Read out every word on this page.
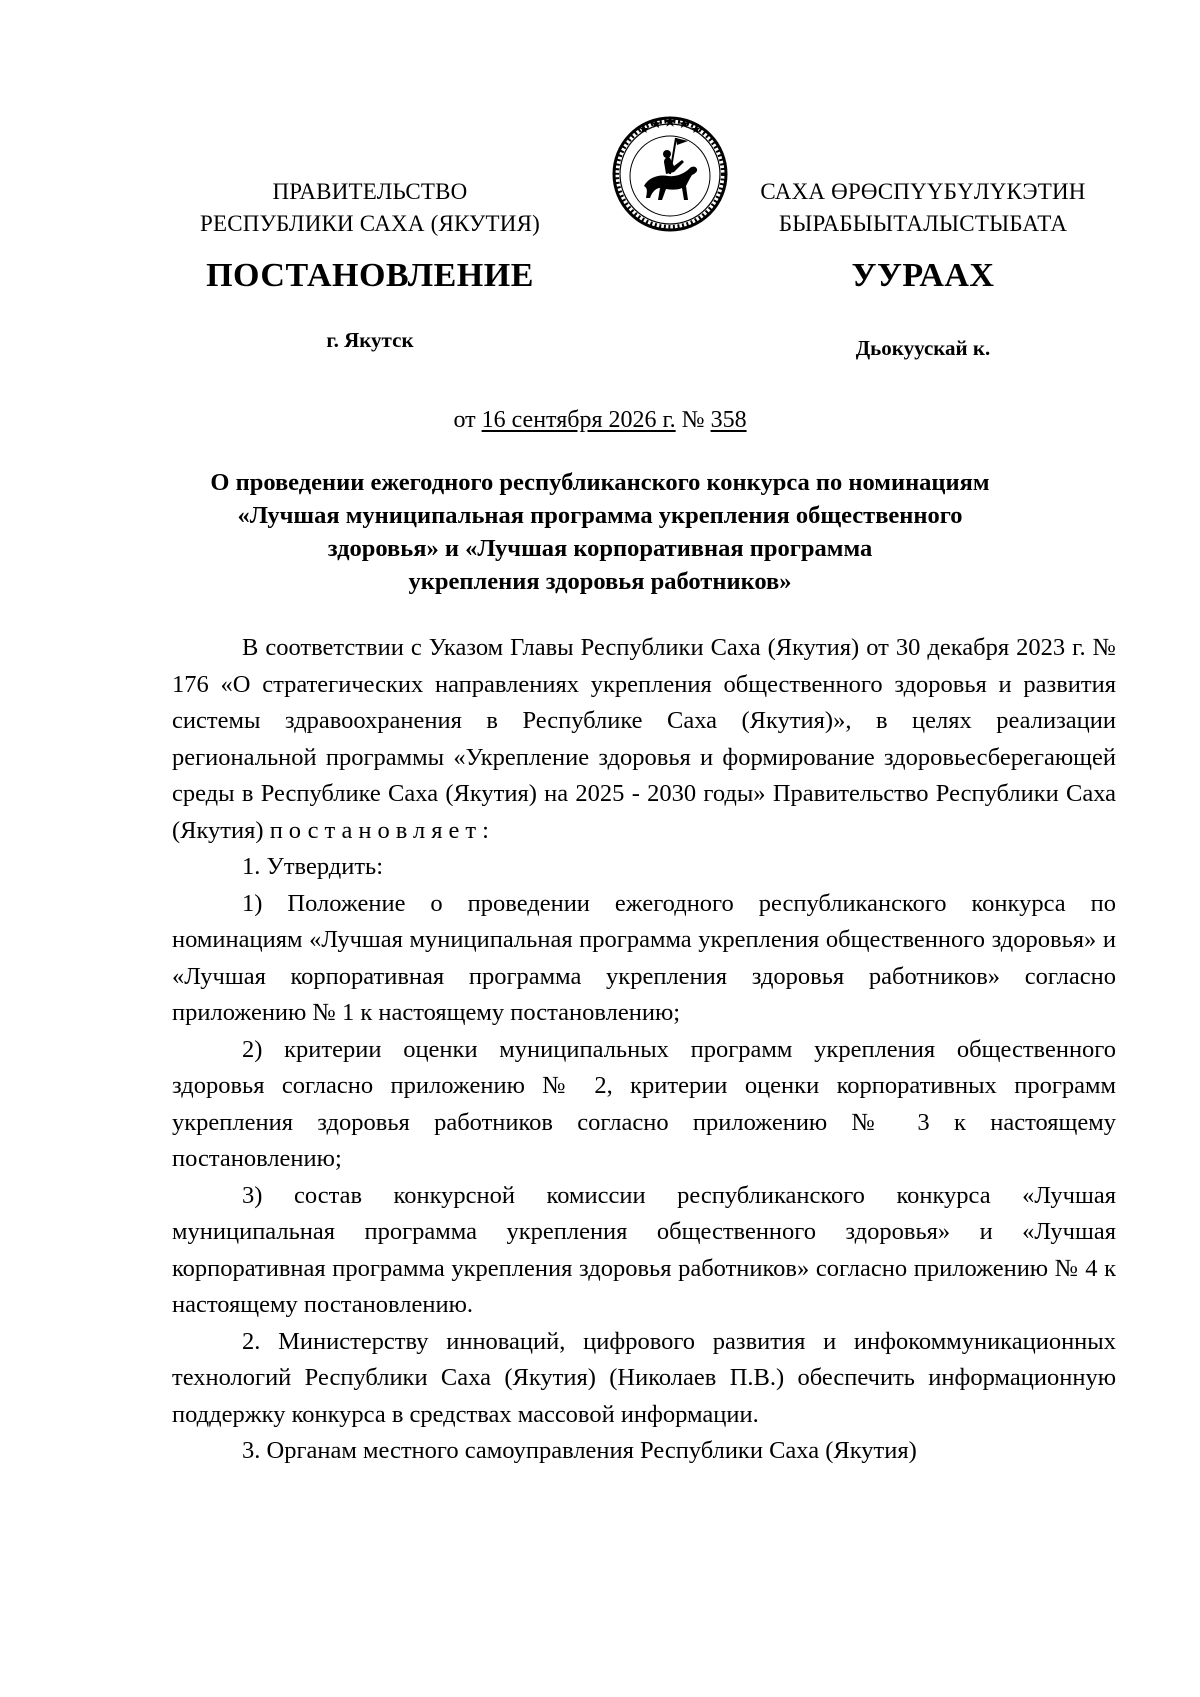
ПРАВИТЕЛЬСТВО
РЕСПУБЛИКИ САХА (ЯКУТИЯ)
САХА ӨРӨСПҮҮБҮЛҮКЭТИН
БЫРАБЫЫТАЛЫСТЫБАТА
ПОСТАНОВЛЕНИЕ	УУРААХ
г. Якутск	Дьокуускай к.
от 16 сентября 2026 г. № 358
О проведении ежегодного республиканского конкурса по номинациям
«Лучшая муниципальная программа укрепления общественного
здоровья» и «Лучшая корпоративная программа
укрепления здоровья работников»

В соответствии с Указом Главы Республики Саха (Якутия) от 30 декабря 2023 г. № 176 «О стратегических направлениях укрепления общественного здоровья и развития системы здравоохранения в Республике Саха (Якутия)», в целях реализации региональной программы «Укрепление здоровья и формирование здоровьесберегающей среды в Республике Саха (Якутия) на 2025 - 2030 годы» Правительство Республики Саха (Якутия) постановляет:

1. Утвердить:

1) Положение о проведении ежегодного республиканского конкурса по номинациям «Лучшая муниципальная программа укрепления общественного здоровья» и «Лучшая корпоративная программа укрепления здоровья работников» согласно приложению № 1 к настоящему постановлению;

2) критерии оценки муниципальных программ укрепления общественного здоровья согласно приложению № 2, критерии оценки корпоративных программ укрепления здоровья работников согласно приложению № 3 к настоящему постановлению;

3) состав конкурсной комиссии республиканского конкурса «Лучшая муниципальная программа укрепления общественного здоровья» и «Лучшая корпоративная программа укрепления здоровья работников» согласно приложению № 4 к настоящему постановлению.

2. Министерству инноваций, цифрового развития и инфокоммуникационных технологий Республики Саха (Якутия) (Николаев П.В.) обеспечить информационную поддержку конкурса в средствах массовой информации.

3. Органам местного самоуправления Республики Саха (Якутия)
